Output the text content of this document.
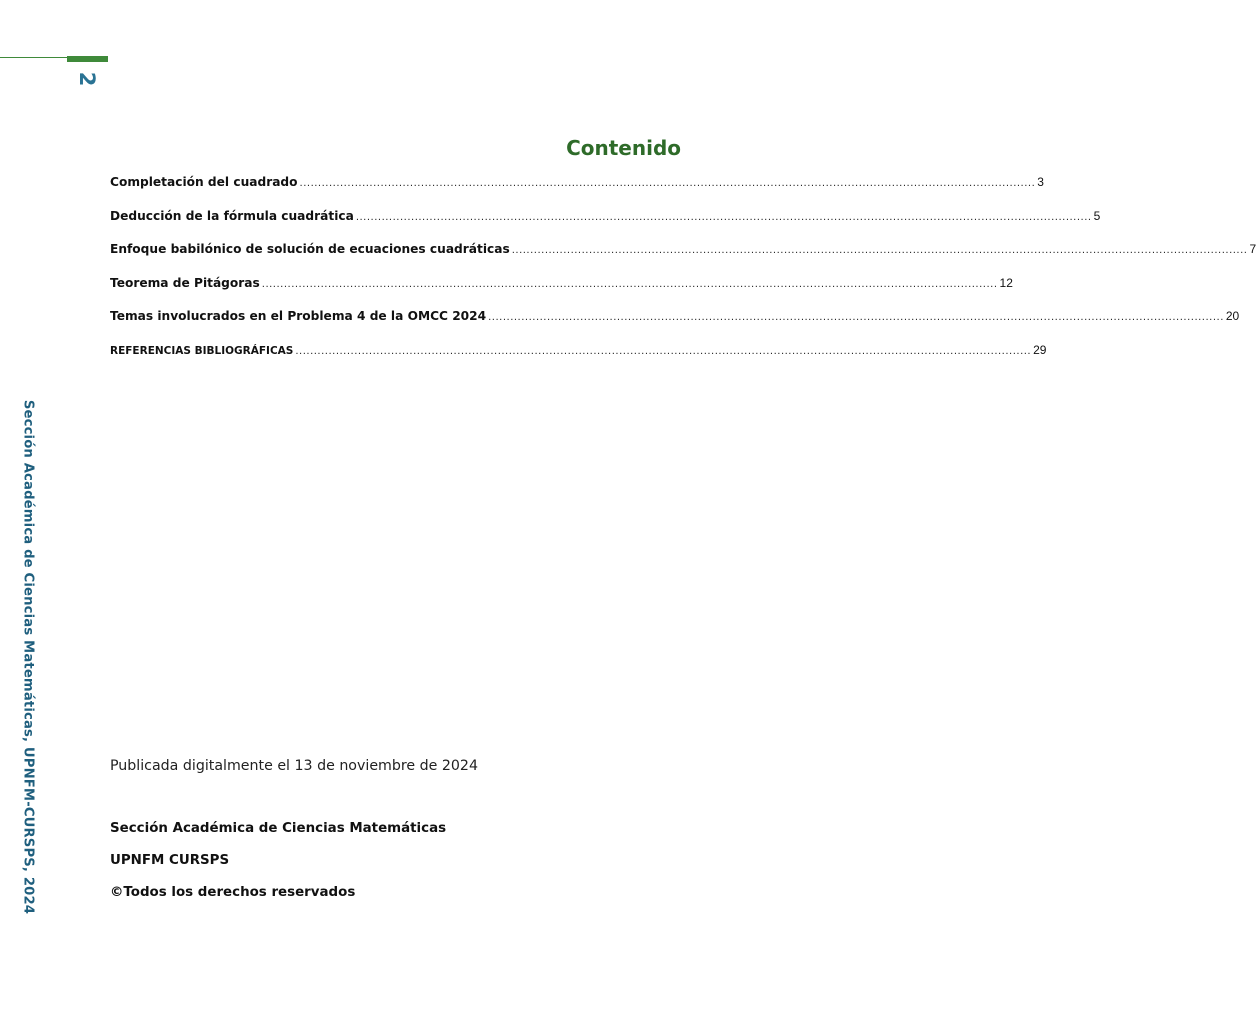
2
Sección Académica de Ciencias Matemáticas, UPNFM-CURSPS, 2024
Contenido
Completación del cuadrado ........................................................................................................................................................................................................ 3
Deducción de la fórmula cuadrática ........................................................................................................................................................................................................ 5
Enfoque babilónico de solución de ecuaciones cuadráticas ........................................................................................................................................................................................................ 7
Teorema de Pitágoras ........................................................................................................................................................................................................ 12
Temas involucrados en el Problema 4 de la OMCC 2024 ........................................................................................................................................................................................................ 20
REFERENCIAS BIBLIOGRÁFICAS ........................................................................................................................................................................................................ 29
Publicada digitalmente el 13 de noviembre de 2024
Sección Académica de Ciencias Matemáticas
UPNFM CURSPS
©Todos los derechos reservados
